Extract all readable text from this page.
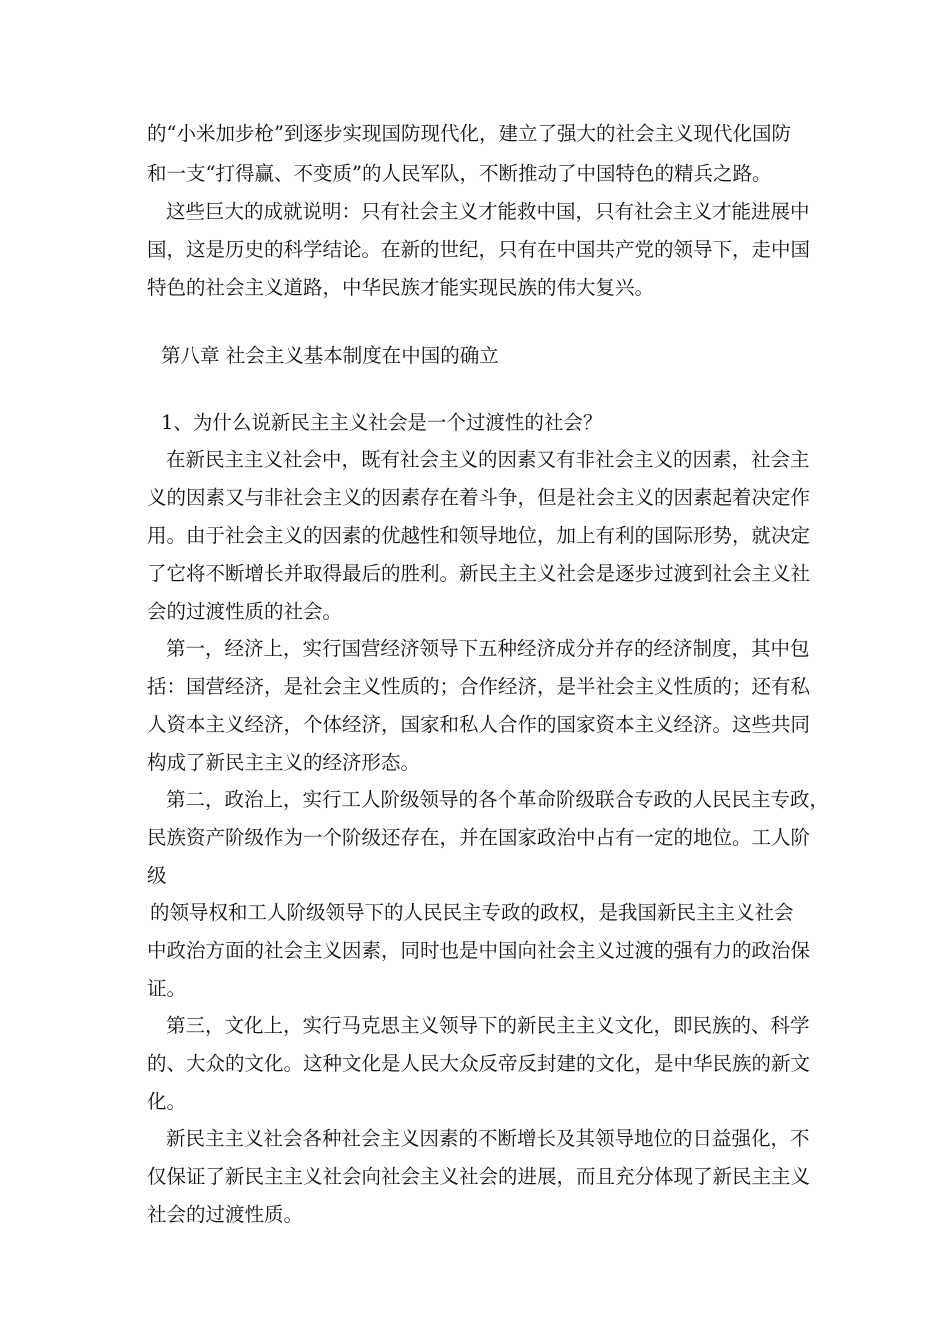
的“小米加步枪”到逐步实现国防现代化，建立了强大的社会主义现代化国防
和一支“打得赢、不变质”的人民军队，不断推动了中国特色的精兵之路。
这些巨大的成就说明：只有社会主义才能救中国，只有社会主义才能进展中
国，这是历史的科学结论。在新的世纪，只有在中国共产党的领导下，走中国
特色的社会主义道路，中华民族才能实现民族的伟大复兴。
第八章 社会主义基本制度在中国的确立
1、为什么说新民主主义社会是一个过渡性的社会？
在新民主主义社会中，既有社会主义的因素又有非社会主义的因素，社会主
义的因素又与非社会主义的因素存在着斗争，但是社会主义的因素起着决定作
用。由于社会主义的因素的优越性和领导地位，加上有利的国际形势，就决定
了它将不断增长并取得最后的胜利。新民主主义社会是逐步过渡到社会主义社
会的过渡性质的社会。
第一，经济上，实行国营经济领导下五种经济成分并存的经济制度，其中包
括：国营经济，是社会主义性质的；合作经济，是半社会主义性质的；还有私
人资本主义经济，个体经济，国家和私人合作的国家资本主义经济。这些共同
构成了新民主主义的经济形态。
第二，政治上，实行工人阶级领导的各个革命阶级联合专政的人民民主专政，
民族资产阶级作为一个阶级还存在，并在国家政治中占有一定的地位。工人阶
级
的领导权和工人阶级领导下的人民民主专政的政权，是我国新民主主义社会
中政治方面的社会主义因素，同时也是中国向社会主义过渡的强有力的政治保
证。
第三，文化上，实行马克思主义领导下的新民主主义文化，即民族的、科学
的、大众的文化。这种文化是人民大众反帝反封建的文化，是中华民族的新文
化。
新民主主义社会各种社会主义因素的不断增长及其领导地位的日益强化，不
仅保证了新民主主义社会向社会主义社会的进展，而且充分体现了新民主主义
社会的过渡性质。
